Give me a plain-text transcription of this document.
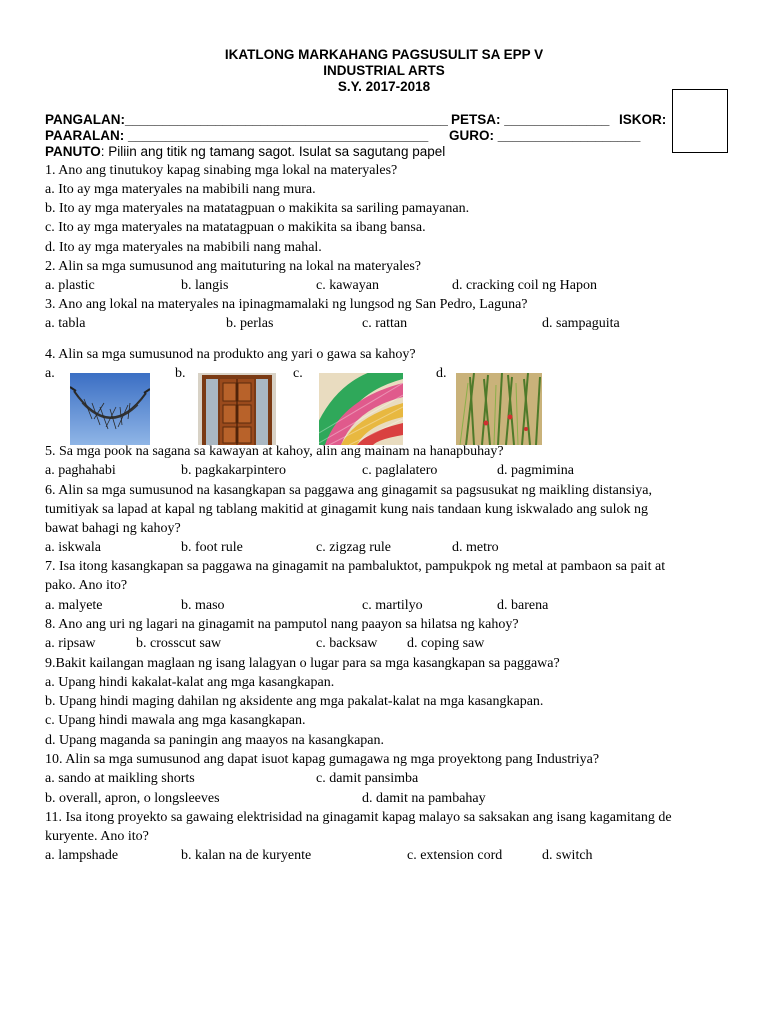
IKATLONG MARKAHANG PAGSUSULIT SA EPP V
INDUSTRIAL ARTS
S.Y. 2017-2018
PANGALAN:___________________________________________ PETSA: ______________ ISKOR:
PAARALAN: ________________________________________ GURO: ___________________
PANUTO: Piliin ang titik ng tamang sagot. Isulat sa sagutang papel
1. Ano ang tinutukoy kapag sinabing mga lokal na materyales?
a. Ito ay mga materyales na mabibili nang mura.
b. Ito ay mga materyales na matatagpuan o makikita sa sariling pamayanan.
c. Ito ay mga materyales na matatagpuan o makikita sa ibang bansa.
d. Ito ay mga materyales na mabibili nang mahal.
2. Alin sa mga sumusunod ang maituturing na lokal na materyales?
a. plastic	b. langis	c. kawayan	d. cracking coil ng Hapon
3. Ano ang lokal na materyales na ipinagmamalaki ng lungsod ng San Pedro, Laguna?
a. tabla	b. perlas	c. rattan	d. sampaguita
4. Alin sa mga sumusunod na produkto ang yari o gawa sa kahoy?
a.	b.	c.	d.
5. Sa mga pook na sagana sa kawayan at kahoy, alin ang mainam na hanapbuhay?
a. paghahabi	b. pagkakarpintero	c. paglalatero	d. pagmimina
6. Alin sa mga sumusunod na kasangkapan sa paggawa ang ginagamit sa pagsusukat ng maikling distansiya,
tumitiyak sa lapad at kapal ng tablang makitid at ginagamit kung nais tandaan kung iskwalado ang sulok ng
bawat bahagi ng kahoy?
a. iskwala	b. foot rule	c. zigzag rule	d. metro
7. Isa itong kasangkapan sa paggawa na ginagamit na pambaluktot, pampukpok ng metal at pambaon sa pait at
pako. Ano ito?
a. malyete	b. maso	c. martilyo	d. barena
8. Ano ang uri ng lagari na ginagamit na pamputol nang paayon sa hilatsa ng kahoy?
a. ripsaw	b. crosscut saw	c. backsaw d. coping saw
9.Bakit kailangan maglaan ng isang lalagyan o lugar para sa mga kasangkapan sa paggawa?
a. Upang hindi kakalat-kalat ang mga kasangkapan.
b. Upang hindi maging dahilan ng aksidente ang mga pakalat-kalat na mga kasangkapan.
c. Upang hindi mawala ang mga kasangkapan.
d. Upang maganda sa paningin ang maayos na kasangkapan.
10. Alin sa mga sumusunod ang dapat isuot kapag gumagawa ng mga proyektong pang Industriya?
a. sando at maikling shorts	c. damit pansimba
b. overall, apron, o longsleeves	d. damit na pambahay
11. Isa itong proyekto sa gawaing elektrisidad na ginagamit kapag malayo sa saksakan ang isang kagamitang de
kuryente. Ano ito?
a. lampshade	b. kalan na de kuryente	c. extension cord	d. switch
